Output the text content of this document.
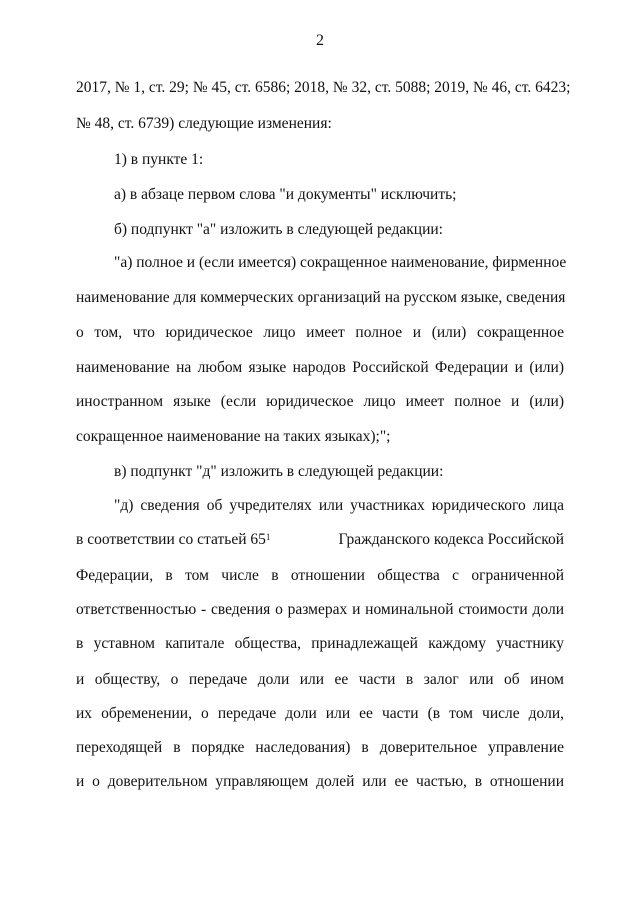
2
2017, № 1, ст. 29; № 45, ст. 6586; 2018, № 32, ст. 5088; 2019, № 46, ст. 6423;
№ 48, ст. 6739) следующие изменения:
1) в пункте 1:
а) в абзаце первом слова "и документы" исключить;
б) подпункт "а" изложить в следующей редакции:
"а) полное и (если имеется) сокращенное наименование, фирменное
наименование для коммерческих организаций на русском языке, сведения
о том, что юридическое лицо имеет полное и (или) сокращенное
наименование на любом языке народов Российской Федерации и (или)
иностранном языке (если юридическое лицо имеет полное и (или)
сокращенное наименование на таких языках);";
в) подпункт "д" изложить в следующей редакции:
"д) сведения об учредителях или участниках юридического лица
в соответствии со статьей $65^1$	Гражданского кодекса Российской
Федерации, в том числе в отношении общества с ограниченной
ответственностью - сведения о размерах и номинальной стоимости доли
в уставном капитале общества, принадлежащей каждому участнику
и обществу, о передаче доли или ее части в залог или об ином
их обременении, о передаче доли или ее части (в том числе доли,
переходящей в порядке наследования) в доверительное управление
и о доверительном управляющем долей или ее частью, в отношении
